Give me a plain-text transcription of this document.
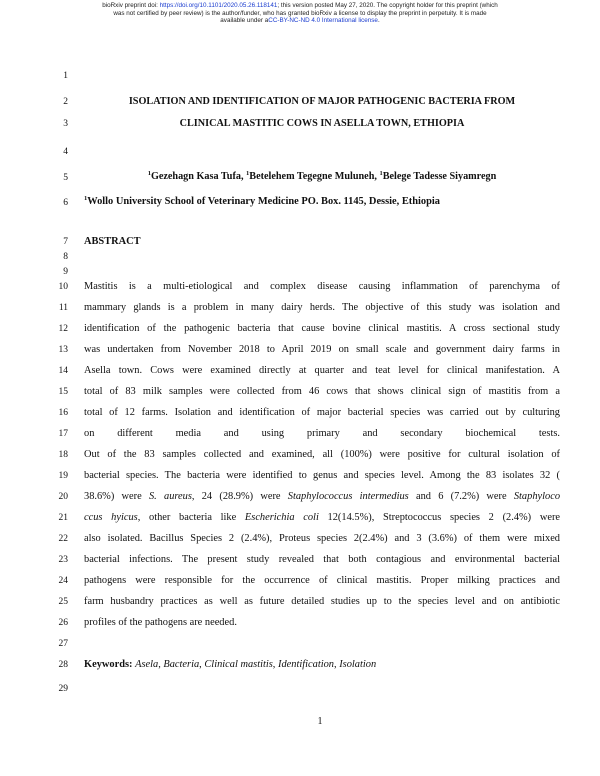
bioRxiv preprint doi: https://doi.org/10.1101/2020.05.26.118141; this version posted May 27, 2020. The copyright holder for this preprint (which
was not certified by peer review) is the author/funder, who has granted bioRxiv a license to display the preprint in perpetuity. It is made
available under aCC-BY-NC-ND 4.0 International license.
1
2
3
4
5
6
7
8
9
10
11
12
13
14
15
16
17
18
19
20
21
22
23
24
25
26
27
28
29
ISOLATION AND IDENTIFICATION OF MAJOR PATHOGENIC BACTERIA FROM
CLINICAL MASTITIC COWS IN ASELLA TOWN, ETHIOPIA
$^1$Gezehagn Kasa Tufa, $^1$Betelehem Tegegne Muluneh, $^1$Belege Tadesse Siyamregn
$^1$Wollo University School of Veterinary Medicine PO. Box. 1145, Dessie, Ethiopia
ABSTRACT
Mastitis is a multi-etiological and complex disease causing inflammation of parenchyma of
mammary glands is a problem in many dairy herds. The objective of this study was isolation and
identification of the pathogenic bacteria that cause bovine clinical mastitis. A cross sectional study
was undertaken from November 2018 to April 2019 on small scale and government dairy farms in
Asella town. Cows were examined directly at quarter and teat level for clinical manifestation. A
total of 83 milk samples were collected from 46 cows that shows clinical sign of mastitis from a
total of 12 farms. Isolation and identification of major bacterial species was carried out by culturing
on different media and using primary and secondary biochemical tests.
Out of the 83 samples collected and examined, all (100%) were positive for cultural isolation of
bacterial species. The bacteria were identified to genus and species level. Among the 83 isolates 32 (
38.6%) were S. aureus, 24 (28.9%) were Staphylococcus intermedius and 6 (7.2%) were Staphyloco
ccus hyicus, other bacteria like Escherichia coli 12(14.5%), Streptococcus species 2 (2.4%) were
also isolated. Bacillus Species 2 (2.4%), Proteus species 2(2.4%) and 3 (3.6%) of them were mixed
bacterial infections. The present study revealed that both contagious and environmental bacterial
pathogens were responsible for the occurrence of clinical mastitis. Proper milking practices and
farm husbandry practices as well as future detailed studies up to the species level and on antibiotic
profiles of the pathogens are needed.
Keywords: Asela, Bacteria, Clinical mastitis, Identification, Isolation
1
